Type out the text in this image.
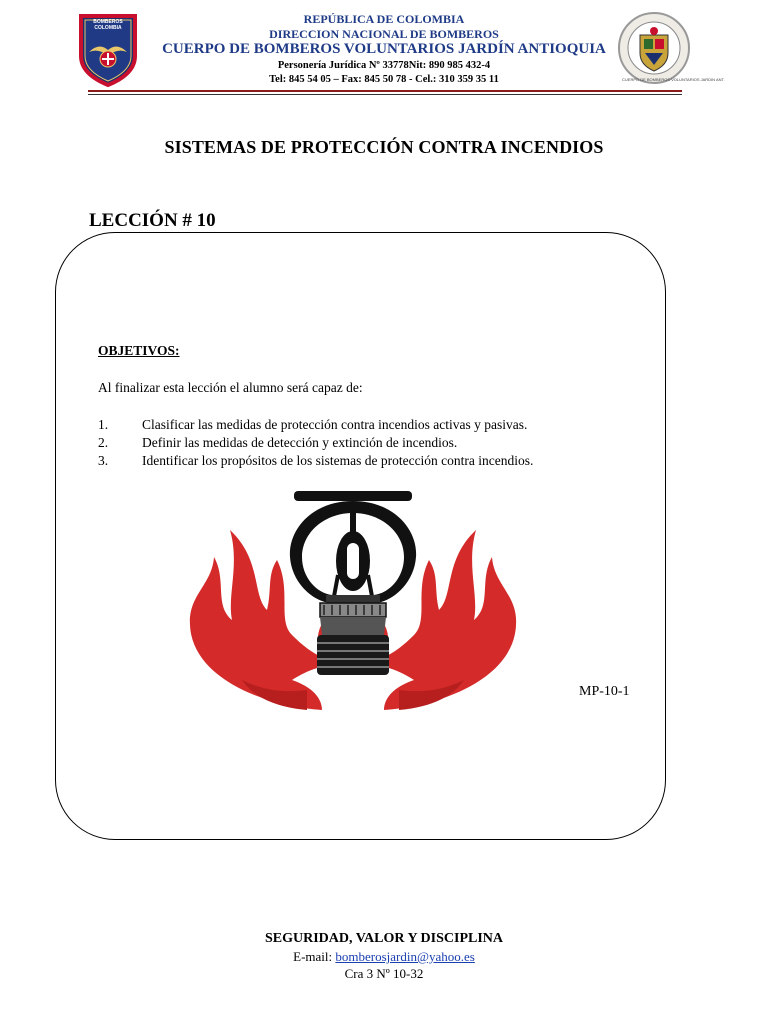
BOMBEROS COLOMBIA
CUERPO DE BOMBEROS VOLUNTARIOS JARDIN ANT.
REPÚBLICA DE COLOMBIA
DIRECCION NACIONAL DE BOMBEROS
CUERPO DE BOMBEROS VOLUNTARIOS JARDÍN ANTIOQUIA
Personería Jurídica Nº 33778Nit: 890 985 432-4
Tel: 845 54 05 – Fax: 845 50 78 - Cel.: 310 359 35 11
SISTEMAS DE PROTECCIÓN CONTRA INCENDIOS
LECCIÓN # 10
OBJETIVOS:
Al finalizar esta lección el alumno será capaz de:
1.	Clasificar las medidas de protección contra incendios activas y pasivas.
2.	Definir las medidas de detección y extinción de incendios.
3.	Identificar los propósitos de los sistemas de protección contra incendios.
MP-10-1
SEGURIDAD, VALOR Y DISCIPLINA
E-mail: bomberosjardin@yahoo.es
Cra 3 Nº 10-32
